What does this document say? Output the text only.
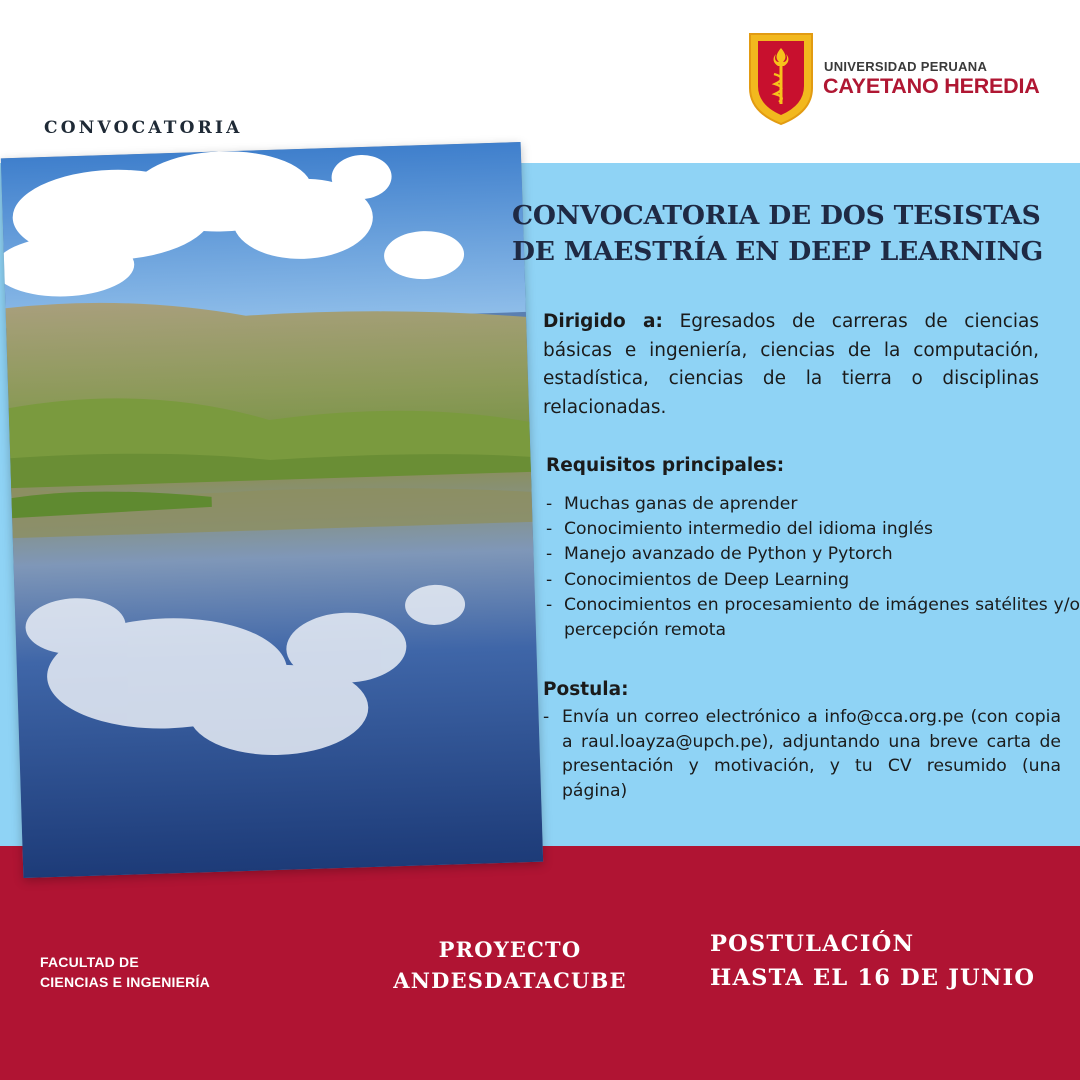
CONVOCATORIA
UNIVERSIDAD PERUANA
CAYETANO HEREDIA
CONVOCATORIA DE DOS TESISTAS
DE MAESTRÍA EN DEEP LEARNING
Dirigido a: Egresados de carreras de ciencias básicas e ingeniería, ciencias de la computación, estadística, ciencias de la tierra o disciplinas relacionadas.
Requisitos principales:
- Muchas ganas de aprender
- Conocimiento intermedio del idioma inglés
- Manejo avanzado de Python y Pytorch
- Conocimientos de Deep Learning
- Conocimientos en procesamiento de imágenes satélites y/o percepción remota
Postula:
- Envía un correo electrónico a info@cca.org.pe (con copia a raul.loayza@upch.pe), adjuntando una breve carta de presentación y motivación, y tu CV resumido (una página)
FACULTAD DE
CIENCIAS E INGENIERÍA
PROYECTO
ANDESDATACUBE
POSTULACIÓN
HASTA EL 16 DE JUNIO
